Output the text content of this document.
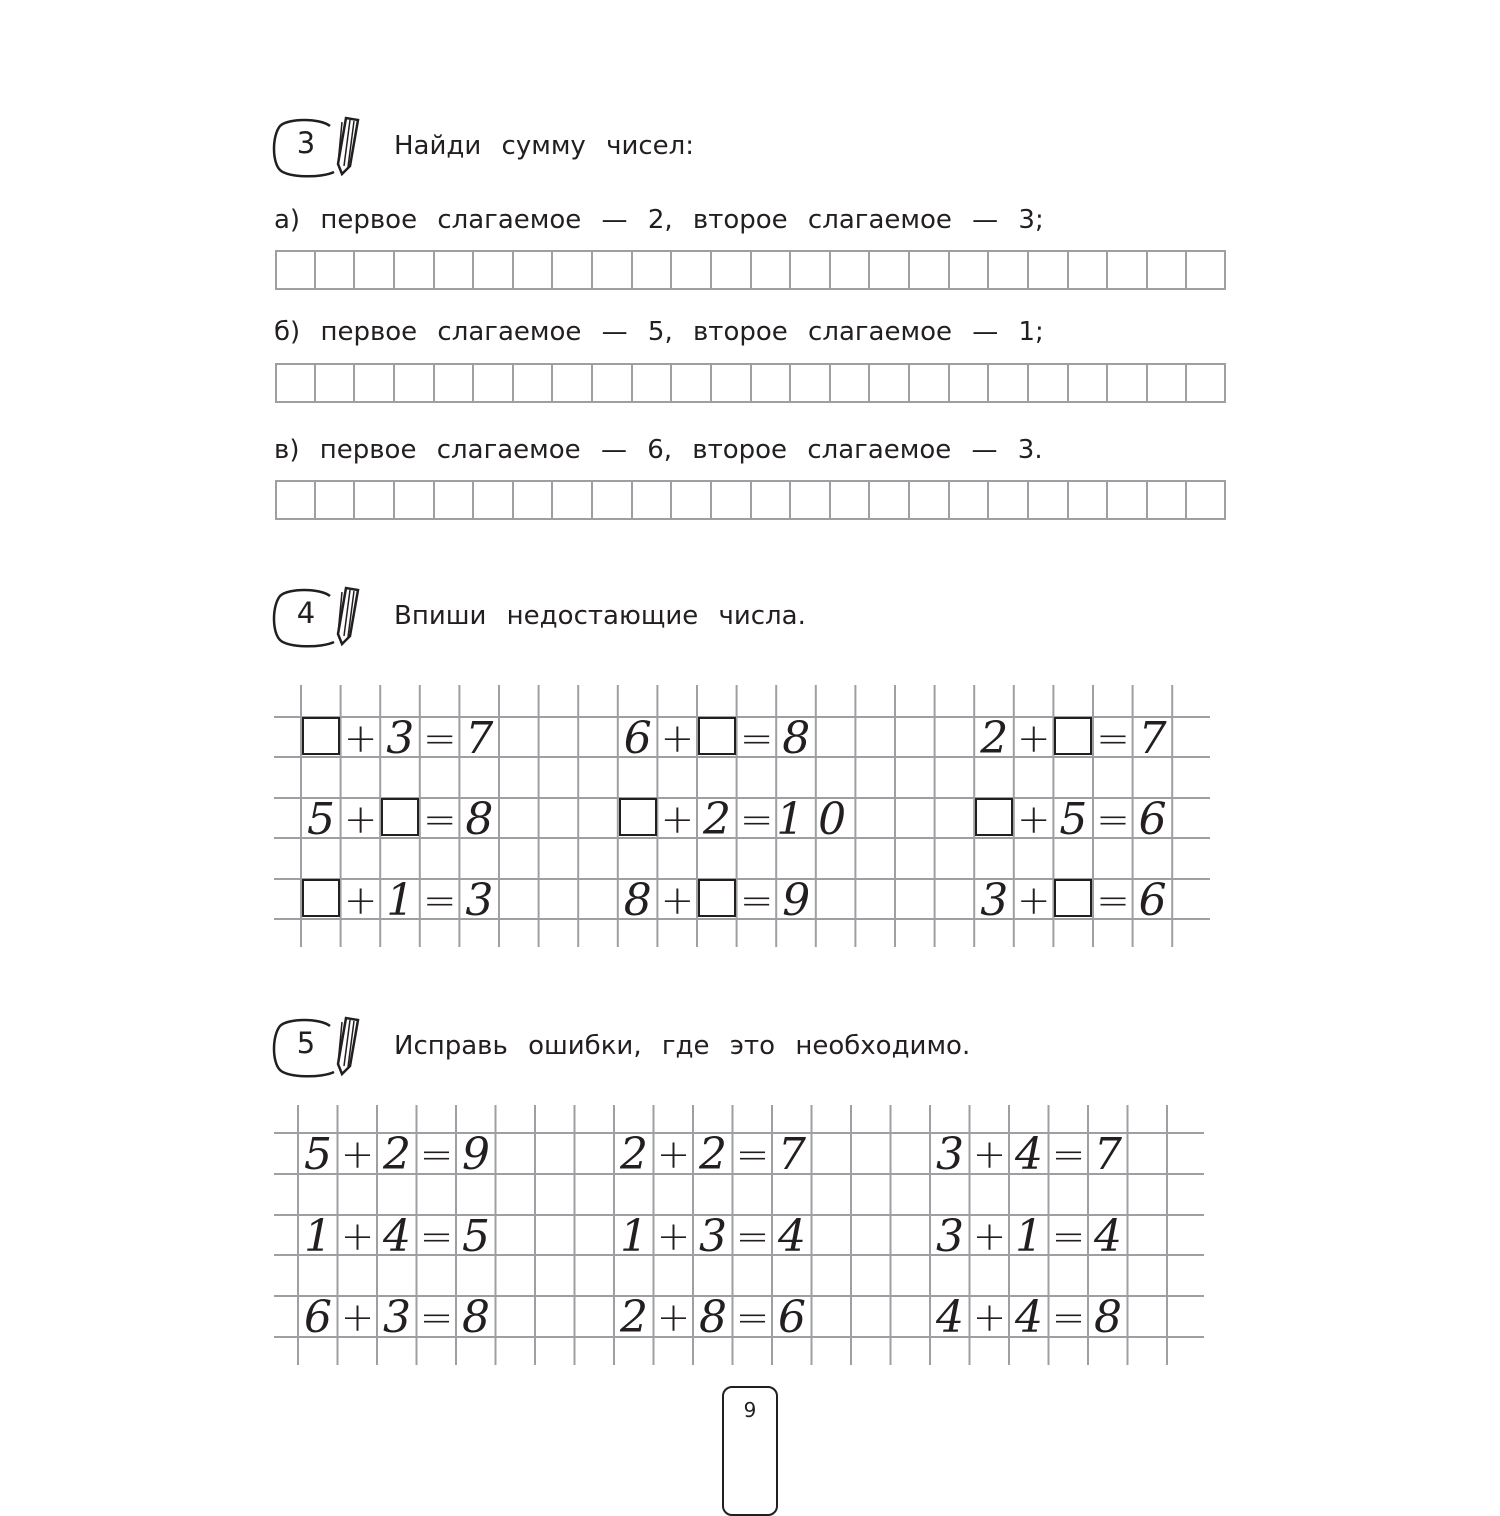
3	Найди сумму чисел:
а) первое слагаемое — 2, второе слагаемое — 3;
б) первое слагаемое — 5, второе слагаемое — 1;
в) первое слагаемое — 6, второе слагаемое — 3.
4	Впиши недостающие числа.
+ 3 = 7	6 + = 8	2 + = 7
5 + = 8	+ 2 = 10	+ 5 = 6
+ 1 = 3	8 + = 9	3 + = 6
5	Исправь ошибки, где это необходимо.
5 + 2 = 9	2 + 2 = 7	3 + 4 = 7
1 + 4 = 5	1 + 3 = 4	3 + 1 = 4
6 + 3 = 8	2 + 8 = 6	4 + 4 = 8
9
